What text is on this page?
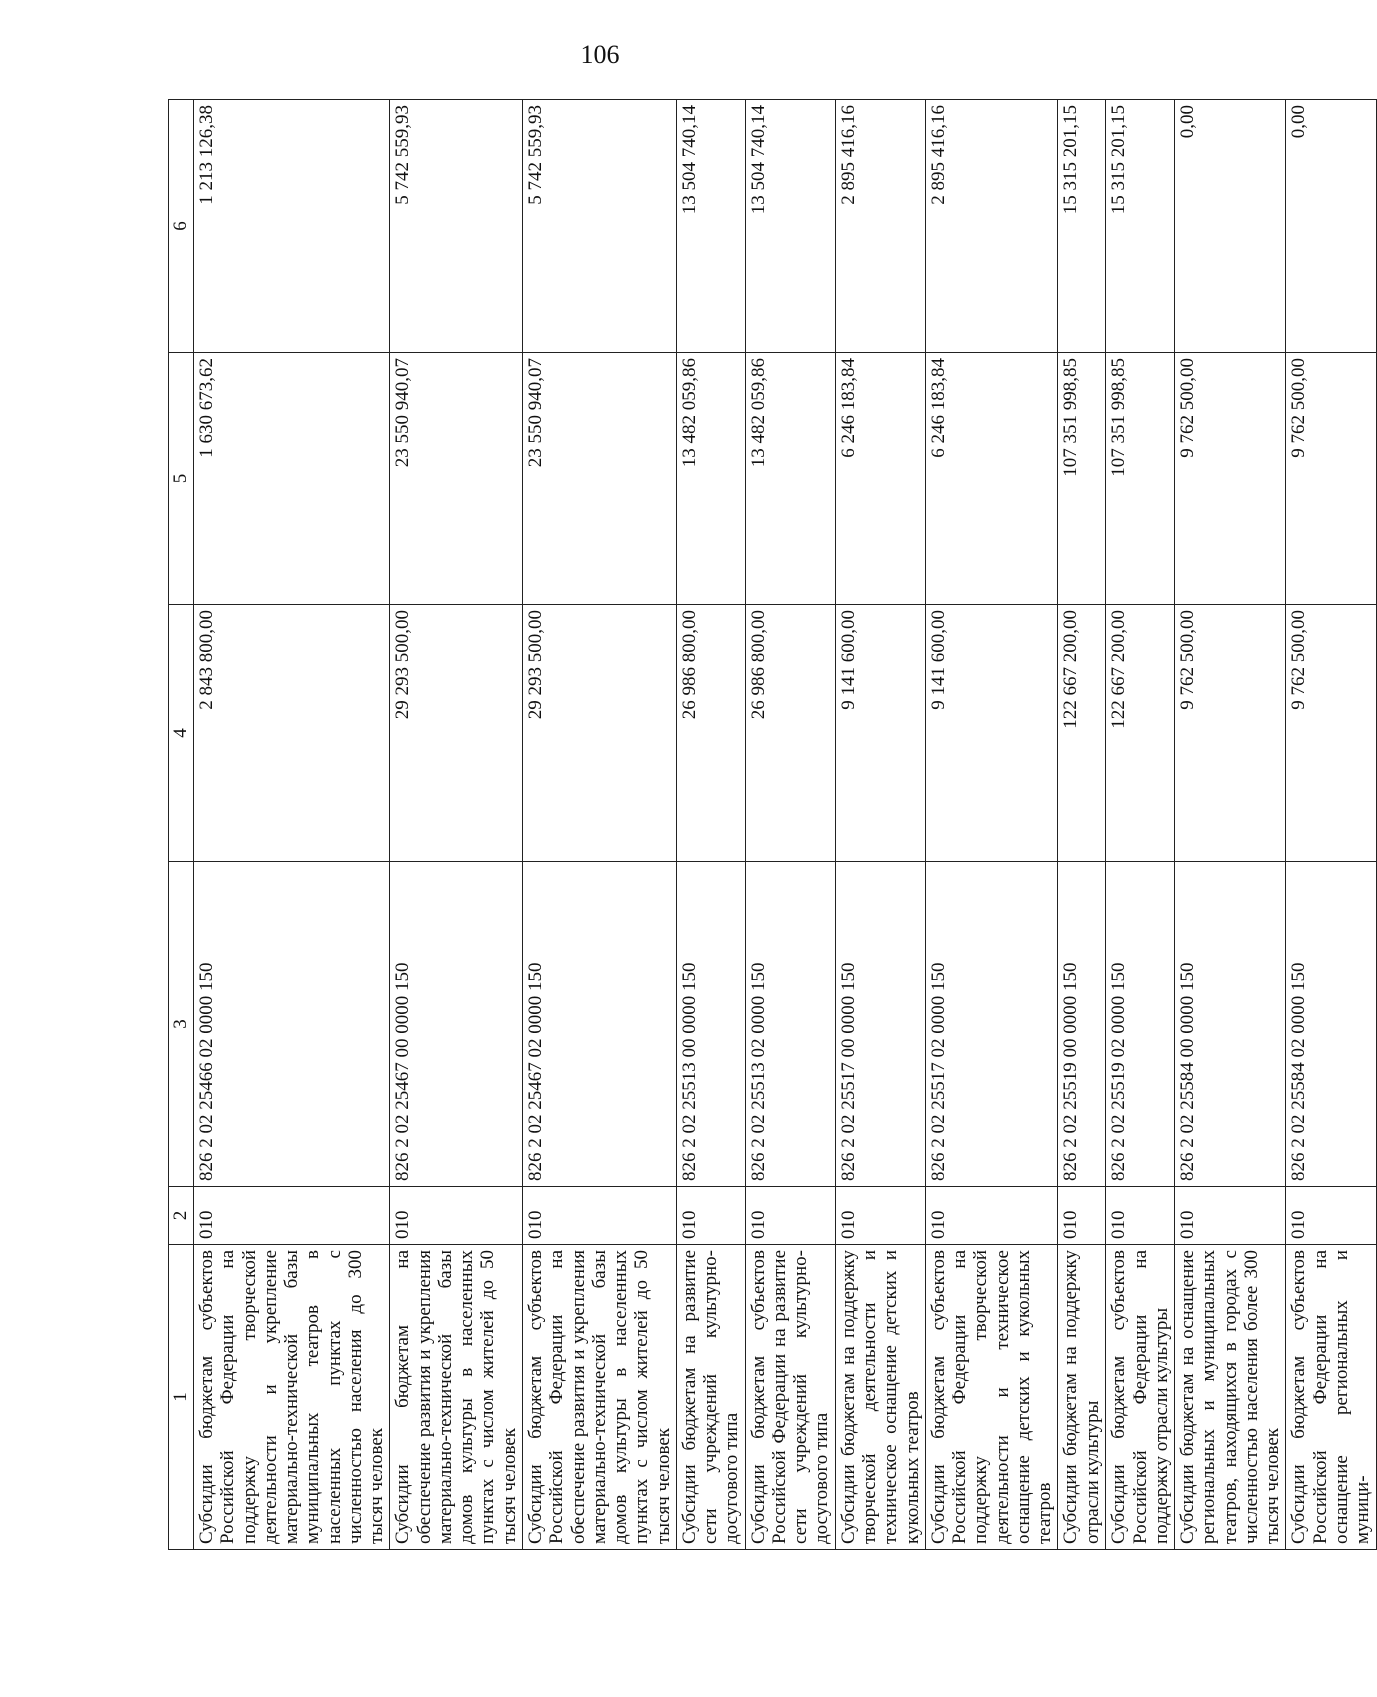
106
1	2	3	4	5	6
Субсидии бюджетам субъектов Российской Федерации на поддержку творческой деятельности и укрепление материально-технической базы муниципальных театров в населенных пунктах с численностью населения до 300 тысяч человек	010	826 2 02 25466 02 0000 150	2 843 800,00	1 630 673,62	1 213 126,38
Субсидии бюджетам на обеспечение развития и укрепления материально-технической базы домов культуры в населенных пунктах с числом жителей до 50 тысяч человек	010	826 2 02 25467 00 0000 150	29 293 500,00	23 550 940,07	5 742 559,93
Субсидии бюджетам субъектов Российской Федерации на обеспечение развития и укрепления материально-технической базы домов культуры в населенных пунктах с числом жителей до 50 тысяч человек	010	826 2 02 25467 02 0000 150	29 293 500,00	23 550 940,07	5 742 559,93
Субсидии бюджетам на развитие сети учреждений культурно-досугового типа	010	826 2 02 25513 00 0000 150	26 986 800,00	13 482 059,86	13 504 740,14
Субсидии бюджетам субъектов Российской Федерации на развитие сети учреждений культурно-досугового типа	010	826 2 02 25513 02 0000 150	26 986 800,00	13 482 059,86	13 504 740,14
Субсидии бюджетам на поддержку творческой деятельности и техническое оснащение детских и кукольных театров	010	826 2 02 25517 00 0000 150	9 141 600,00	6 246 183,84	2 895 416,16
Субсидии бюджетам субъектов Российской Федерации на поддержку творческой деятельности и техническое оснащение детских и кукольных театров	010	826 2 02 25517 02 0000 150	9 141 600,00	6 246 183,84	2 895 416,16
Субсидии бюджетам на поддержку отрасли культуры	010	826 2 02 25519 00 0000 150	122 667 200,00	107 351 998,85	15 315 201,15
Субсидии бюджетам субъектов Российской Федерации на поддержку отрасли культуры	010	826 2 02 25519 02 0000 150	122 667 200,00	107 351 998,85	15 315 201,15
Субсидии бюджетам на оснащение региональных и муниципальных театров, находящихся в городах с численностью населения более 300 тысяч человек	010	826 2 02 25584 00 0000 150	9 762 500,00	9 762 500,00	0,00
Субсидии бюджетам субъектов Российской Федерации на оснащение региональных и муници-	010	826 2 02 25584 02 0000 150	9 762 500,00	9 762 500,00	0,00
